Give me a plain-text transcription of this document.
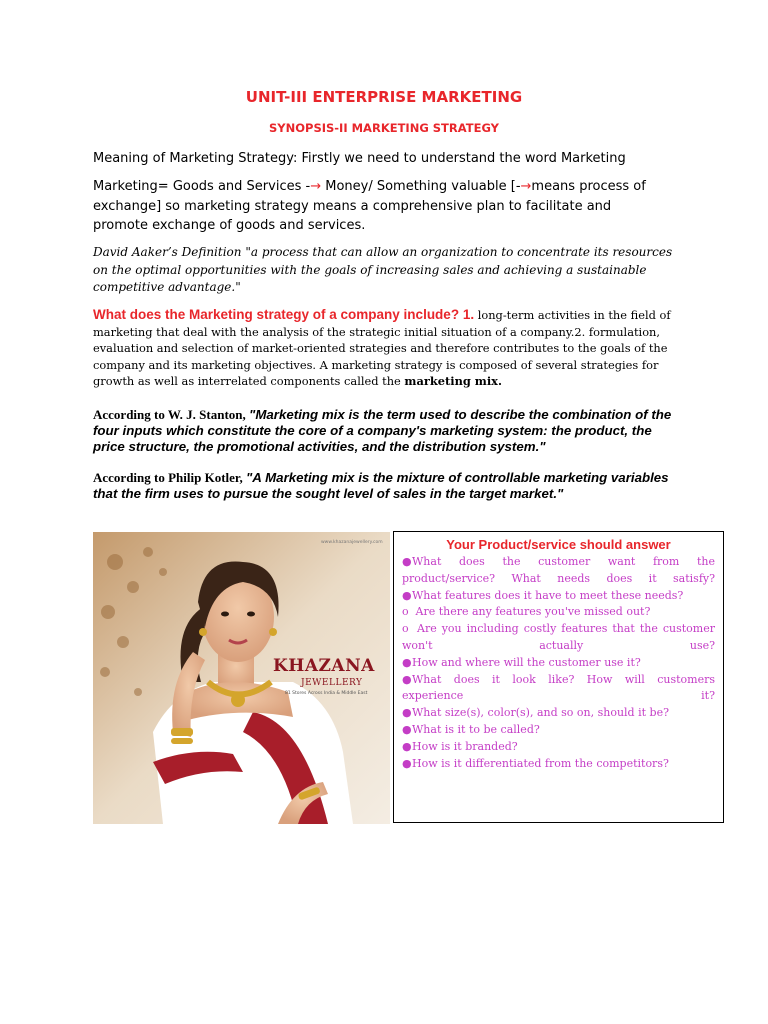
UNIT-III ENTERPRISE MARKETING
SYNOPSIS-II MARKETING STRATEGY
Meaning of Marketing Strategy: Firstly we need to understand the word Marketing
Marketing= Goods and Services -→ Money/ Something valuable [-→means process of exchange] so marketing strategy means a comprehensive plan to facilitate and promote exchange of goods and services.
David Aaker’s Definition "a process that can allow an organization to concentrate its resources on the optimal opportunities with the goals of increasing sales and achieving a sustainable competitive advantage."
What does the Marketing strategy of a company include? 1. long-term activities in the field of marketing that deal with the analysis of the strategic initial situation of a company.2. formulation, evaluation and selection of market-oriented strategies and therefore contributes to the goals of the company and its marketing objectives. A marketing strategy is composed of several strategies for growth as well as interrelated components called the marketing mix.
According to W. J. Stanton, "Marketing mix is the term used to describe the combination of the four inputs which constitute the core of a company's marketing system: the product, the price structure, the promotional activities, and the distribution system."
According to Philip Kotler, "A Marketing mix is the mixture of controllable marketing variables that the firm uses to pursue the sought level of sales in the target market."
KHAZANA
JEWELLERY
81 Stores Across India & Middle East
www.khazanajewellery.com	Your Product/service should answer
●What does the customer want from the product/service? What needs does it satisfy?
●What features does it have to meet these needs?
o Are there any features you've missed out?
o Are you including costly features that the customer won't actually use?
●How and where will the customer use it?
●What does it look like? How will customers experience it?
●What size(s), color(s), and so on, should it be?
●What is it to be called?
●How is it branded?
●How is it differentiated from the competitors?
